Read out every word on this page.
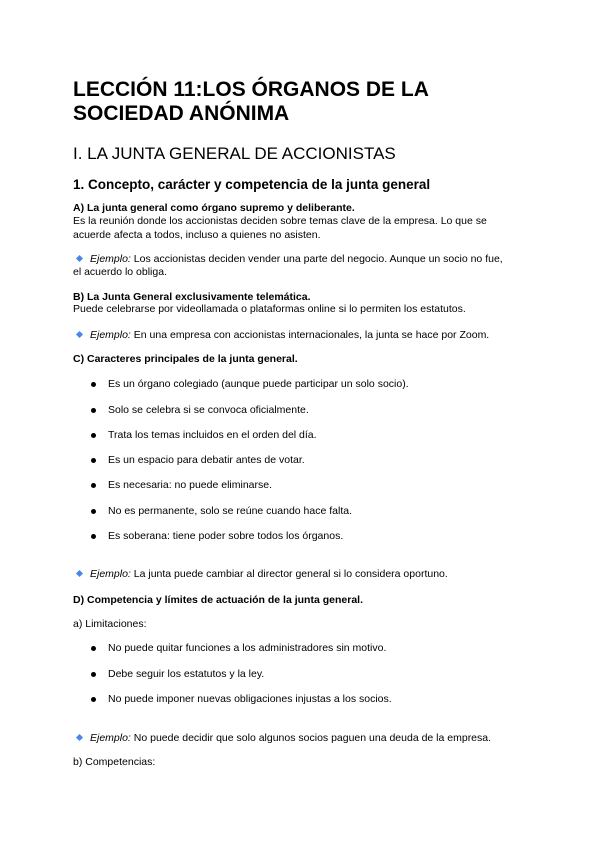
LECCIÓN 11:LOS ÓRGANOS DE LA
SOCIEDAD ANÓNIMA
I. LA JUNTA GENERAL DE ACCIONISTAS
1. Concepto, carácter y competencia de la junta general
A) La junta general como órgano supremo y deliberante.
Es la reunión donde los accionistas deciden sobre temas clave de la empresa. Lo que se
acuerde afecta a todos, incluso a quienes no asisten.
Ejemplo: Los accionistas deciden vender una parte del negocio. Aunque un socio no fue,
el acuerdo lo obliga.
B) La Junta General exclusivamente telemática.
Puede celebrarse por videollamada o plataformas online si lo permiten los estatutos.
Ejemplo: En una empresa con accionistas internacionales, la junta se hace por Zoom.
C) Caracteres principales de la junta general.
Es un órgano colegiado (aunque puede participar un solo socio).
Solo se celebra si se convoca oficialmente.
Trata los temas incluidos en el orden del día.
Es un espacio para debatir antes de votar.
Es necesaria: no puede eliminarse.
No es permanente, solo se reúne cuando hace falta.
Es soberana: tiene poder sobre todos los órganos.
Ejemplo: La junta puede cambiar al director general si lo considera oportuno.
D) Competencia y límites de actuación de la junta general.
a) Limitaciones:
No puede quitar funciones a los administradores sin motivo.
Debe seguir los estatutos y la ley.
No puede imponer nuevas obligaciones injustas a los socios.
Ejemplo: No puede decidir que solo algunos socios paguen una deuda de la empresa.
b) Competencias:
